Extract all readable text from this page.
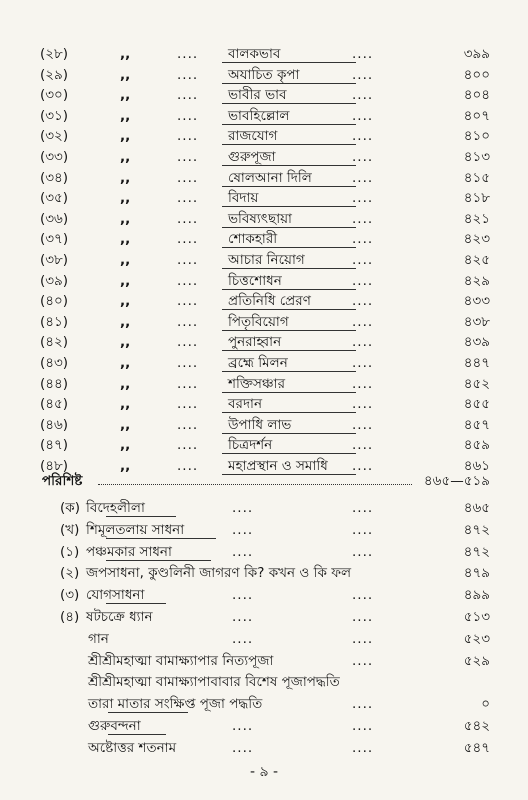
(২৮)	,,	.... বালকভাব	....	৩৯৯
(২৯)	,,	.... অযাচিত কৃপা	....	৪০০
(৩০)	,,	.... ভাবীর ভাব	....	৪০৪
(৩১)	,,	.... ভাবহিল্লোল	....	৪০৭
(৩২)	,,	.... রাজযোগ	....	৪১০
(৩৩)	,,	.... গুরুপূজা	....	৪১৩
(৩৪)	,,	.... ষোলআনা দিলি	....	৪১৫
(৩৫)	,,	.... বিদায়	....	৪১৮
(৩৬)	,,	.... ভবিষ্যৎছায়া	....	৪২১
(৩৭)	,,	.... শোকহারী	....	৪২৩
(৩৮)	,,	.... আচার নিয়োগ	....	৪২৫
(৩৯)	,,	.... চিত্তশোধন	....	৪২৯
(৪০)	,,	.... প্রতিনিধি প্রেরণ	....	৪৩৩
(৪১)	,,	.... পিতৃবিয়োগ	....	৪৩৮
(৪২)	,,	.... পুনরাহ্বান	....	৪৩৯
(৪৩)	,,	.... ব্রহ্মে মিলন	....	৪৪৭
(৪৪)	,,	.... শক্তিসঞ্চার	....	৪৫২
(৪৫)	,,	.... বরদান	....	৪৫৫
(৪৬)	,,	.... উপাধি লাভ	....	৪৫৭
(৪৭)	,,	.... চিত্রদর্শন	....	৪৫৯
(৪৮)	,,	.... মহাপ্রস্থান ও সমাধি ....	৪৬১
পরিশিষ্ট	৪৬৫—৫১৯
(ক) বিদেহলীলা	....	....	৪৬৫
(খ) শিমূলতলায় সাধনা	....	....	৪৭২
(১) পঞ্চমকার সাধনা	....	....	৪৭২
(২) জপসাধনা, কুণ্ডলিনী জাগরণ কি? কখন ও কি ফল	৪৭৯
(৩) যোগসাধনা	....	....	৪৯৯
(৪) ষটচক্রে ধ্যান	....	....	৫১৩
গান	....	....	৫২৩
শ্রীশ্রীমহাত্মা বামাক্ষ্যাপার নিত্যপূজা	....	৫২৯
শ্রীশ্রীমহাত্মা বামাক্ষ্যাপাবাবার বিশেষ পূজাপদ্ধতি
তারা মাতার সংক্ষিপ্ত পূজা পদ্ধতি	....	০
গুরুবন্দনা	....	....	৫৪২
অষ্টোত্তর শতনাম	....	....	৫৪৭
- ৯ -
